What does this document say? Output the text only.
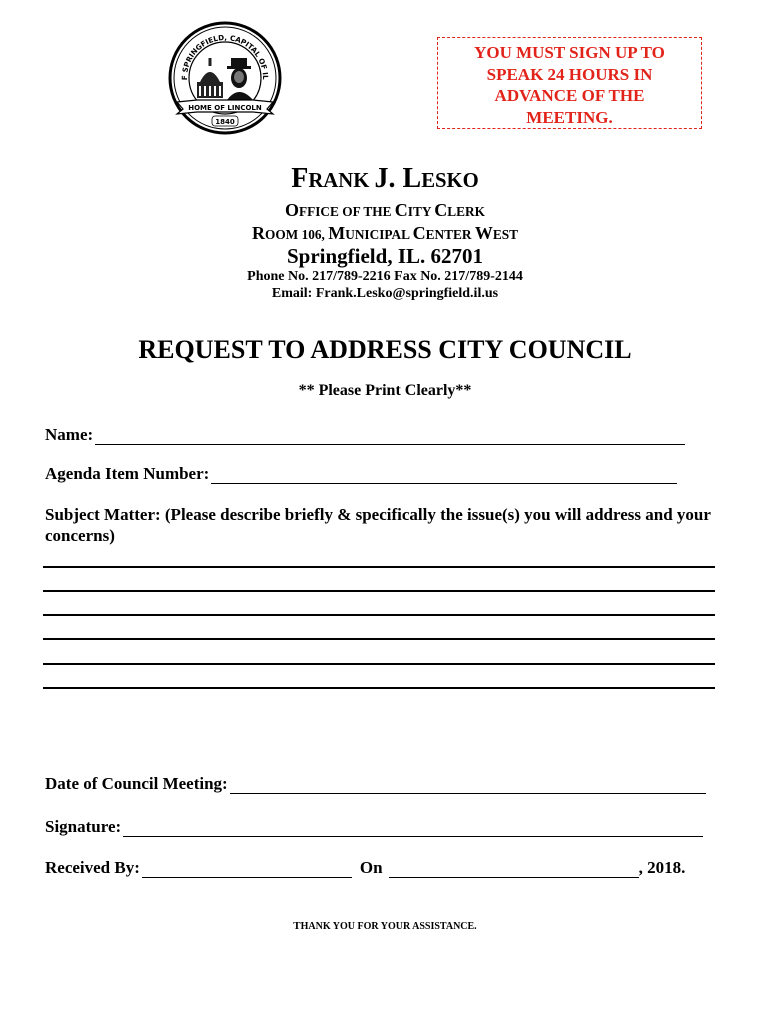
F SPRINGFIELD, CAPITAL OF IL
HOME OF LINCOLN
1840
YOU MUST SIGN UP TO
SPEAK 24 HOURS IN
ADVANCE OF THE
MEETING.
FRANK J. LESKO
OFFICE OF THE CITY CLERK
ROOM 106, MUNICIPAL CENTER WEST
Springfield, IL. 62701
Phone No. 217/789-2216 Fax No. 217/789-2144
Email: Frank.Lesko@springfield.il.us
REQUEST TO ADDRESS CITY COUNCIL
** Please Print Clearly**
Name:
Agenda Item Number:
Subject Matter: (Please describe briefly & specifically the issue(s) you will address and your concerns)
Date of Council Meeting:
Signature:
Received By:	On	, 2018.
THANK YOU FOR YOUR ASSISTANCE.
